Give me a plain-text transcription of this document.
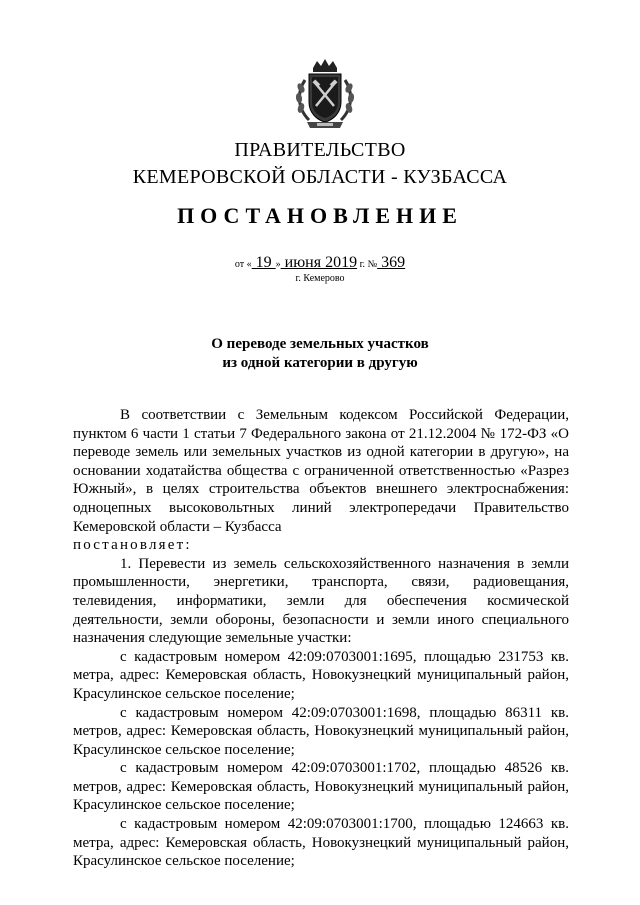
ПРАВИТЕЛЬСТВО
КЕМЕРОВСКОЙ ОБЛАСТИ - КУЗБАССА
ПОСТАНОВЛЕНИЕ
от « 19 » июня 2019 г. № 369
г. Кемерово
О переводе земельных участков
из одной категории в другую

В соответствии с Земельным кодексом Российской Федерации, пунктом 6 части 1 статьи 7 Федерального закона от 21.12.2004 № 172-ФЗ «О переводе земель или земельных участков из одной категории в другую», на основании ходатайства общества с ограниченной ответственностью «Разрез Южный», в целях строительства объектов внешнего электроснабжения: одноцепных высоковольтных линий электропередачи Правительство Кемеровской области – Кузбасса

постановляет:

1. Перевести из земель сельскохозяйственного назначения в земли промышленности, энергетики, транспорта, связи, радиовещания, телевидения, информатики, земли для обеспечения космической деятельности, земли обороны, безопасности и земли иного специального назначения следующие земельные участки:

с кадастровым номером 42:09:0703001:1695, площадью 231753 кв. метра, адрес: Кемеровская область, Новокузнецкий муниципальный район, Красулинское сельское поселение;

с кадастровым номером 42:09:0703001:1698, площадью 86311 кв. метров, адрес: Кемеровская область, Новокузнецкий муниципальный район, Красулинское сельское поселение;

с кадастровым номером 42:09:0703001:1702, площадью 48526 кв. метров, адрес: Кемеровская область, Новокузнецкий муниципальный район, Красулинское сельское поселение;

с кадастровым номером 42:09:0703001:1700, площадью 124663 кв. метра, адрес: Кемеровская область, Новокузнецкий муниципальный район, Красулинское сельское поселение;
